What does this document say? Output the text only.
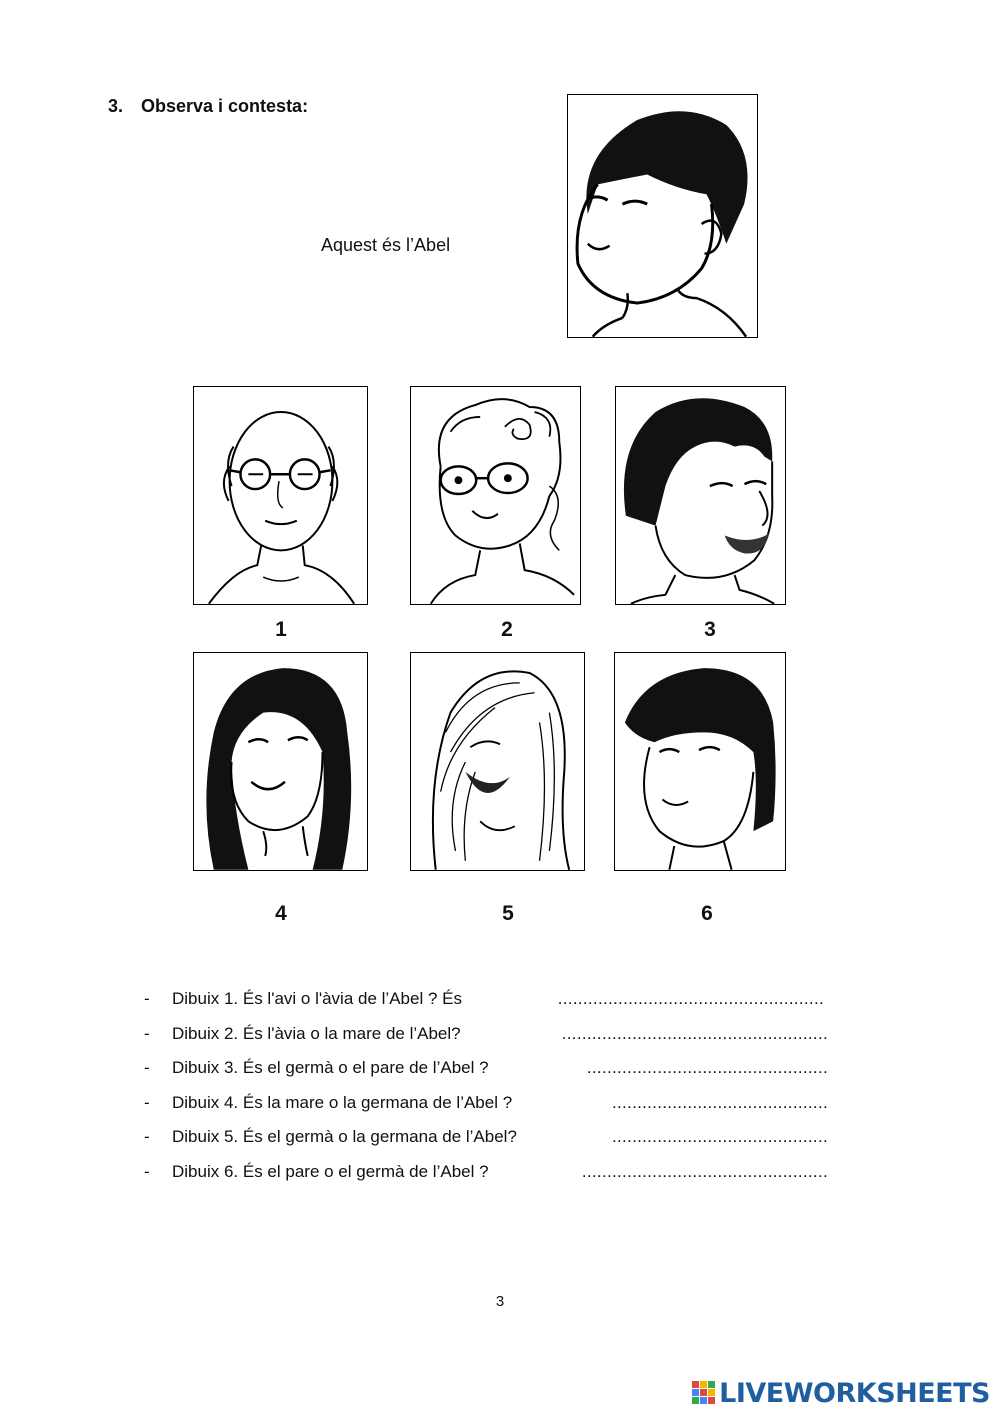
3. Observa i contesta:
Aquest és l’Abel
1	2	3
4	5	6
- Dibuix 1. És l'avi o l'àvia de l’Abel ? És	.....................................................
- Dibuix 2. És l'àvia o la mare de l’Abel?	.....................................................
- Dibuix 3. És el germà o el pare de l’Abel ?	................................................
- Dibuix 4. És la mare o la germana de l’Abel ?	...........................................
- Dibuix 5. És el germà o la germana de l’Abel?	...........................................
- Dibuix 6. És el pare o el germà de l’Abel ?	.................................................
3
LIVEWORKSHEETS
